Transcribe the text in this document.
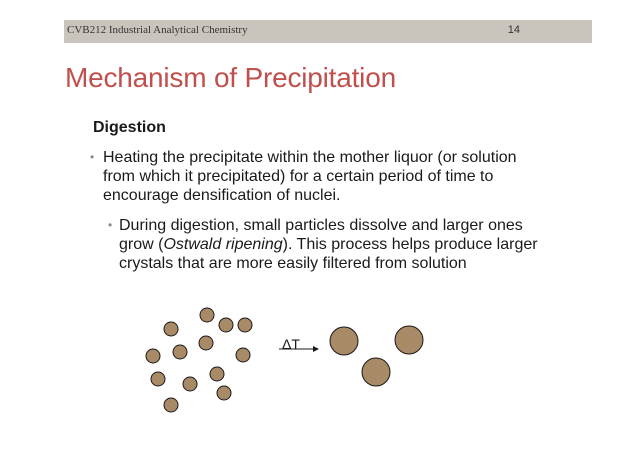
CVB212 Industrial Analytical Chemistry	14
Mechanism of Precipitation
Digestion
• Heating the precipitate within the mother liquor (or solution from which it precipitated) for a certain period of time to encourage densification of nuclei.
• During digestion, small particles dissolve and larger ones grow (Ostwald ripening). This process helps produce larger crystals that are more easily filtered from solution
ΔT
